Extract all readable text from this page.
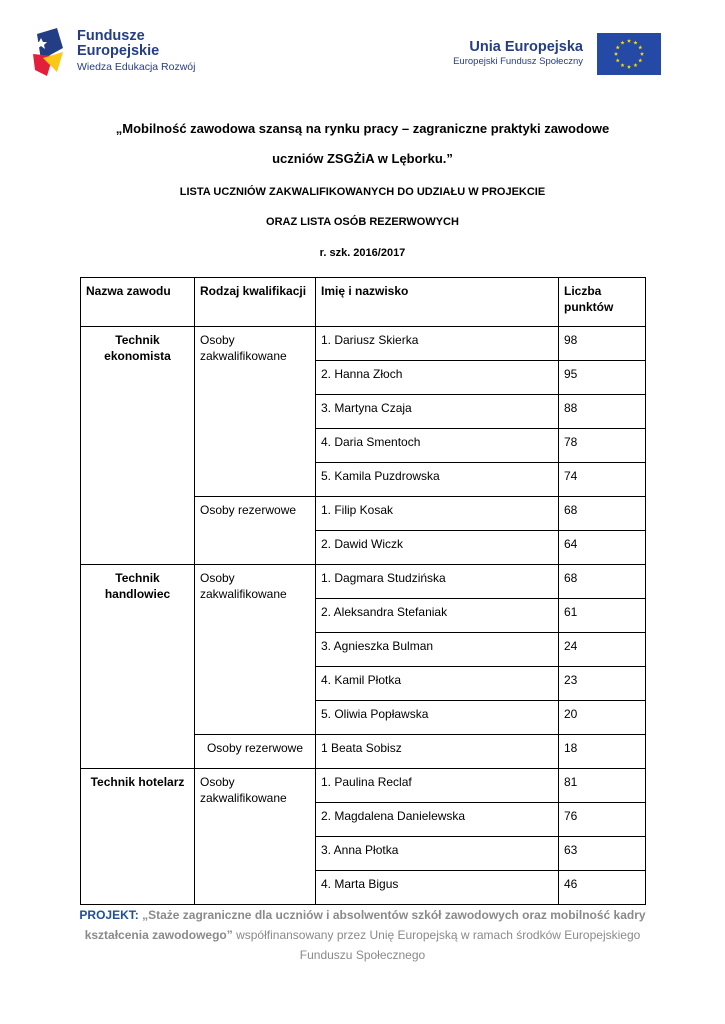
Fundusze
Europejskie
Wiedza Edukacja Rozwój
Unia Europejska
Europejski Fundusz Społeczny
„Mobilność zawodowa szansą na rynku pracy – zagraniczne praktyki zawodowe
uczniów ZSGŻiA w Lęborku.”
LISTA UCZNIÓW ZAKWALIFIKOWANYCH DO UDZIAŁU W PROJEKCIE
ORAZ LISTA OSÓB REZERWOWYCH
r. szk. 2016/2017
Nazwa zawodu	Rodzaj kwalifikacji	Imię i nazwisko	Liczba punktów
Technik ekonomista	Osoby zakwalifikowane	1. Dariusz Skierka	98
		2. Hanna Złoch	95
		3. Martyna Czaja	88
		4. Daria Smentoch	78
		5. Kamila Puzdrowska	74
	Osoby rezerwowe	1. Filip Kosak	68
		2. Dawid Wiczk	64
Technik handlowiec	Osoby zakwalifikowane	1. Dagmara Studzińska	68
		2. Aleksandra Stefaniak	61
		3. Agnieszka Bulman	24
		4. Kamil Płotka	23
		5. Oliwia Popławska	20
	Osoby rezerwowe	1 Beata Sobisz	18
Technik hotelarz	Osoby zakwalifikowane	1. Paulina Reclaf	81
		2. Magdalena Danielewska	76
		3. Anna Płotka	63
		4. Marta Bigus	46
PROJEKT: „Staże zagraniczne dla uczniów i absolwentów szkół zawodowych oraz mobilność kadry kształcenia zawodowego” współfinansowany przez Unię Europejską w ramach środków Europejskiego Funduszu Społecznego
